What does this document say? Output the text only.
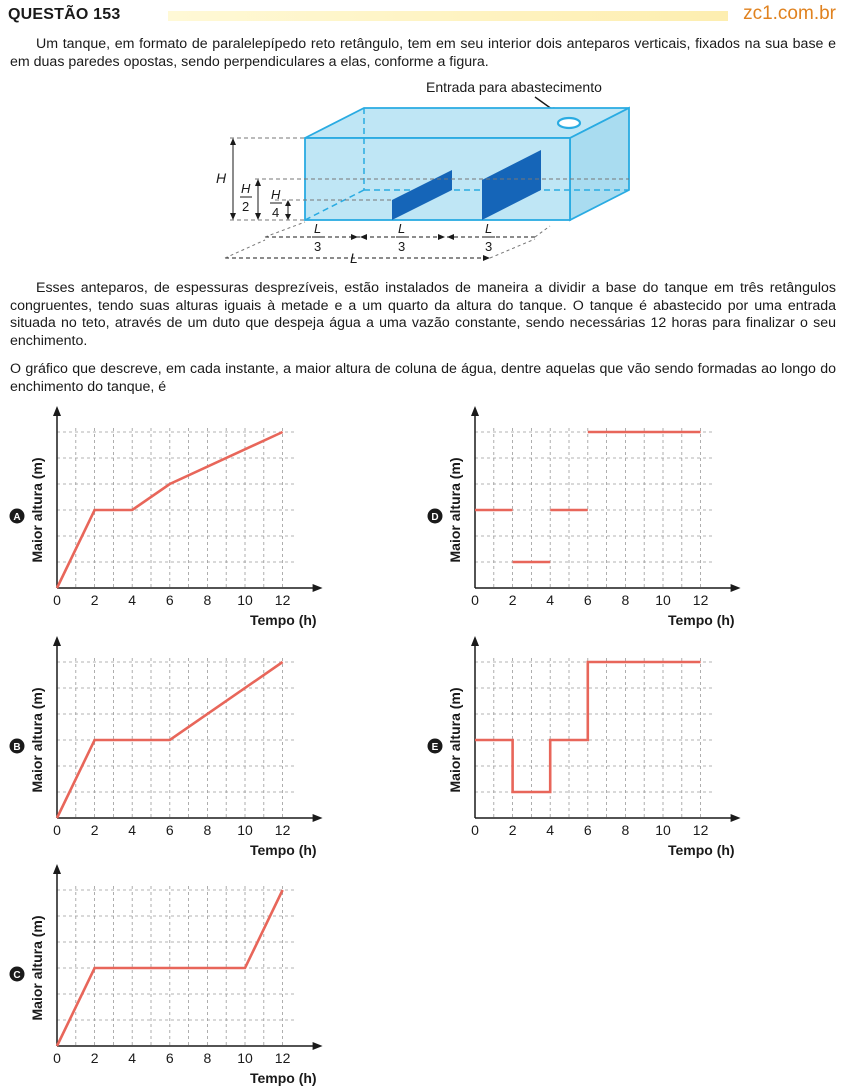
QUESTÃO 153	zc1.com.br

Um tanque, em formato de paralelepípedo reto retângulo, tem em seu interior dois anteparos verticais, fixados na sua base e em duas paredes opostas, sendo perpendiculares a elas, conforme a figura.

Entrada para abastecimento
H
H
2
H
4
L
3
L
3
L
3
L

Esses anteparos, de espessuras desprezíveis, estão instalados de maneira a dividir a base do tanque em três retângulos congruentes, tendo suas alturas iguais à metade e a um quarto da altura do tanque. O tanque é abastecido por uma entrada situada no teto, através de um duto que despeja água a uma vazão constante, sendo necessárias 12 horas para finalizar o seu enchimento.

O gráfico que descreve, em cada instante, a maior altura de coluna de água, dentre aquelas que vão sendo formadas ao longo do enchimento do tanque, é

0 2 4 6 8 10 12
Tempo (h)
Maior altura (m)
A
0 2 4 6 8 10 12
Tempo (h)
Maior altura (m)
B
0 2 4 6 8 10 12
Tempo (h)
Maior altura (m)
C
0 2 4 6 8 10 12
Tempo (h)
Maior altura (m)
D
0 2 4 6 8 10 12
Tempo (h)
Maior altura (m)
E
